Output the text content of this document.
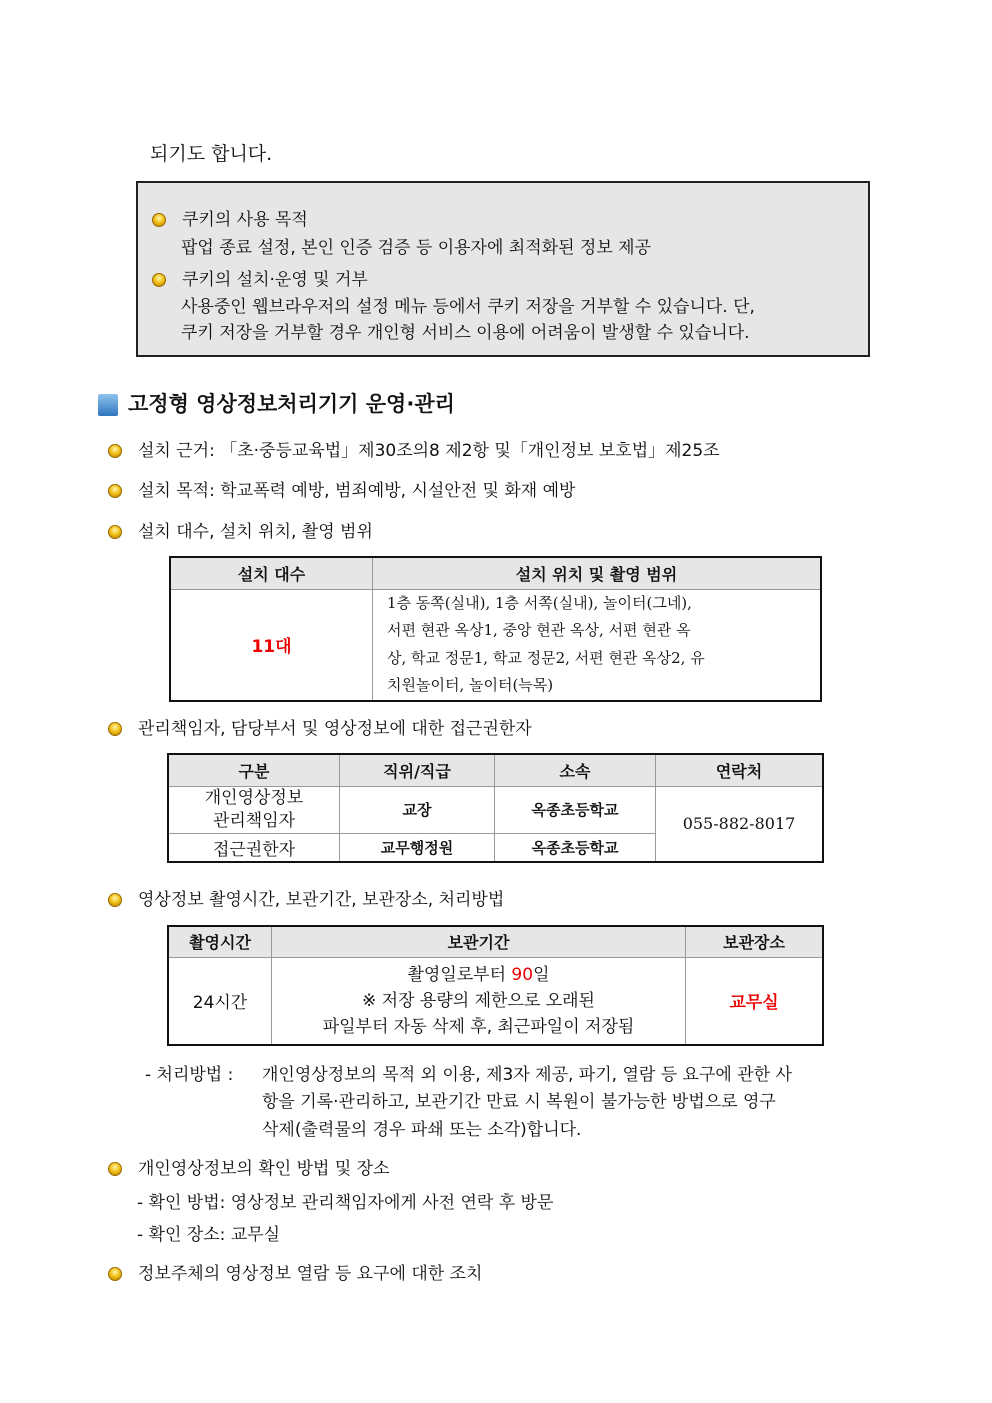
되기도 합니다.
쿠키의 사용 목적
팝업 종료 설정, 본인 인증 검증 등 이용자에 최적화된 정보 제공
쿠키의 설치·운영 및 거부
사용중인 웹브라우저의 설정 메뉴 등에서 쿠키 저장을 거부할 수 있습니다. 단,
쿠키 저장을 거부할 경우 개인형 서비스 이용에 어려움이 발생할 수 있습니다.
고정형 영상정보처리기기 운영·관리
설치 근거: 「초·중등교육법」제30조의8 제2항 및「개인정보 보호법」제25조
설치 목적: 학교폭력 예방, 범죄예방, 시설안전 및 화재 예방
설치 대수, 설치 위치, 촬영 범위
설치 대수	설치 위치 및 촬영 범위
11대	1층 동쪽(실내), 1층 서쪽(실내), 놀이터(그네),
서편 현관 옥상1, 중앙 현관 옥상, 서편 현관 옥
상, 학교 정문1, 학교 정문2, 서편 현관 옥상2, 유
치원놀이터, 놀이터(늑목)
관리책임자, 담당부서 및 영상정보에 대한 접근권한자
구분	직위/직급	소속	연락처
개인영상정보 관리책임자	교장	옥종초등학교	055-882-8017
접근권한자	교무행정원	옥종초등학교	
영상정보 촬영시간, 보관기간, 보관장소, 처리방법
촬영시간	보관기간	보관장소
24시간	촬영일로부터 90일
※ 저장 용량의 제한으로 오래된
파일부터 자동 삭제 후, 최근파일이 저장됨	교무실
- 처리방법 : 개인영상정보의 목적 외 이용, 제3자 제공, 파기, 열람 등 요구에 관한 사
항을 기록·관리하고, 보관기간 만료 시 복원이 불가능한 방법으로 영구
삭제(출력물의 경우 파쇄 또는 소각)합니다.
개인영상정보의 확인 방법 및 장소
- 확인 방법: 영상정보 관리책임자에게 사전 연락 후 방문
- 확인 장소: 교무실
정보주체의 영상정보 열람 등 요구에 대한 조치
